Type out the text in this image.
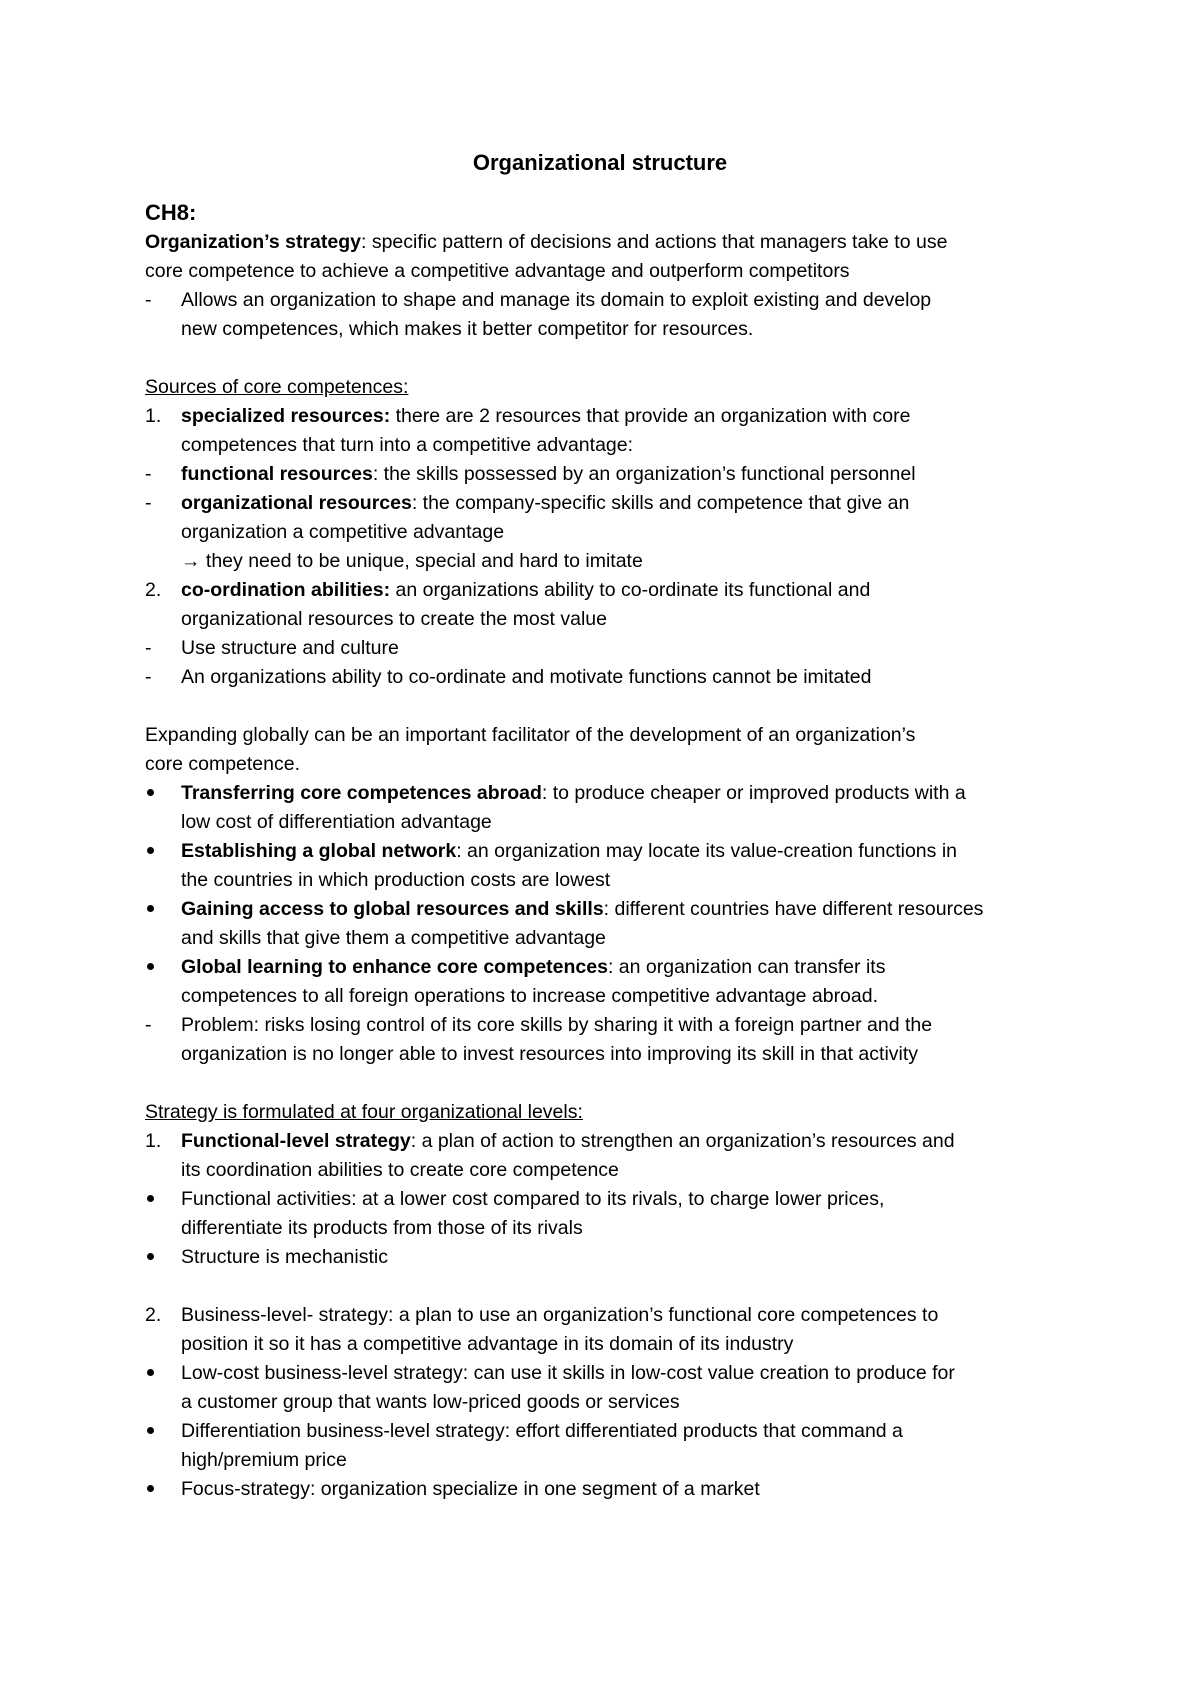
Organizational structure
CH8:
Organization’s strategy: specific pattern of decisions and actions that managers take to use
core competence to achieve a competitive advantage and outperform competitors
-	Allows an organization to shape and manage its domain to exploit existing and develop
new competences, which makes it better competitor for resources.
Sources of core competences:
1.	specialized resources: there are 2 resources that provide an organization with core
competences that turn into a competitive advantage:
-	functional resources: the skills possessed by an organization’s functional personnel
-	organizational resources: the company-specific skills and competence that give an
organization a competitive advantage
→ they need to be unique, special and hard to imitate
2.	co-ordination abilities: an organizations ability to co-ordinate its functional and
organizational resources to create the most value
-	Use structure and culture
-	An organizations ability to co-ordinate and motivate functions cannot be imitated
Expanding globally can be an important facilitator of the development of an organization’s
core competence.
Transferring core competences abroad: to produce cheaper or improved products with a
low cost of differentiation advantage
Establishing a global network: an organization may locate its value-creation functions in
the countries in which production costs are lowest
Gaining access to global resources and skills: different countries have different resources
and skills that give them a competitive advantage
Global learning to enhance core competences: an organization can transfer its
competences to all foreign operations to increase competitive advantage abroad.
-	Problem: risks losing control of its core skills by sharing it with a foreign partner and the
organization is no longer able to invest resources into improving its skill in that activity
Strategy is formulated at four organizational levels:
1.	Functional-level strategy: a plan of action to strengthen an organization’s resources and
its coordination abilities to create core competence
Functional activities: at a lower cost compared to its rivals, to charge lower prices,
differentiate its products from those of its rivals
Structure is mechanistic
2.	Business-level- strategy: a plan to use an organization’s functional core competences to
position it so it has a competitive advantage in its domain of its industry
Low-cost business-level strategy: can use it skills in low-cost value creation to produce for
a customer group that wants low-priced goods or services
Differentiation business-level strategy: effort differentiated products that command a
high/premium price
Focus-strategy: organization specialize in one segment of a market
